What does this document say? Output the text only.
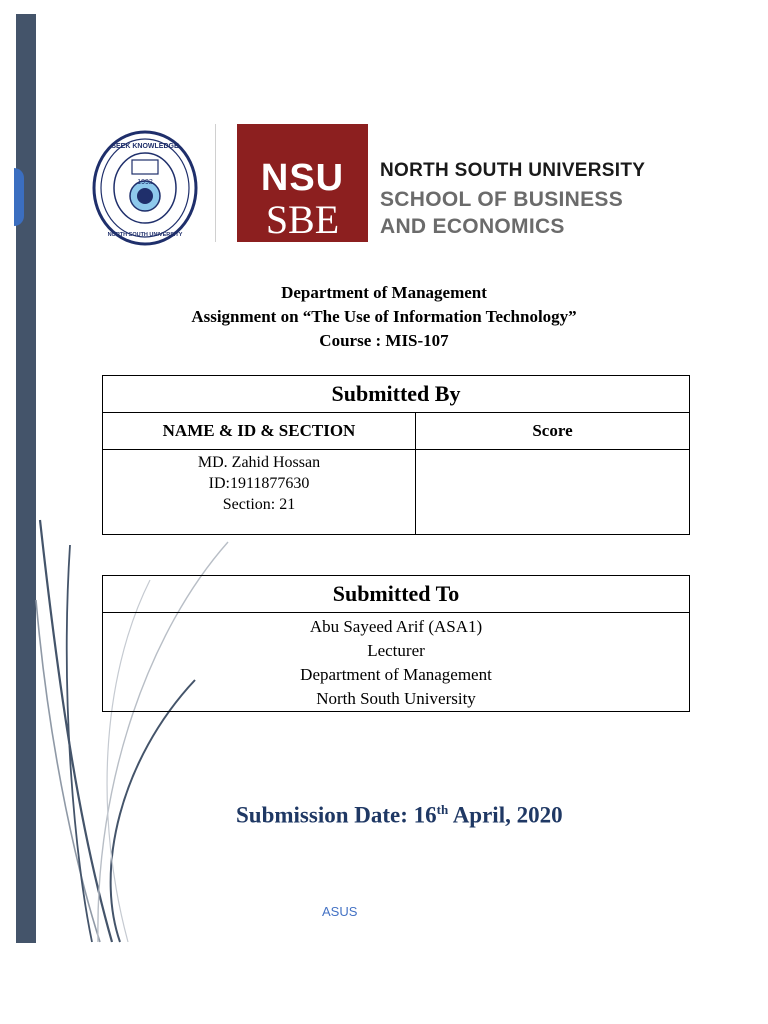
1992
SEEK KNOWLEDGE
NORTH SOUTH UNIVERSITY
NSU
SBE
NORTH SOUTH UNIVERSITY
SCHOOL OF BUSINESS
AND ECONOMICS
Department of Management
Assignment on “The Use of Information Technology”
Course : MIS-107
Submitted By	
NAME & ID & SECTION	Score

MD. Zahid Hossan
ID:1911877630
Section: 21	

Submitted To

Abu Sayeed Arif (ASA1)
Lecturer
Department of Management
North South University
Submission Date: 16th April, 2020
ASUS
